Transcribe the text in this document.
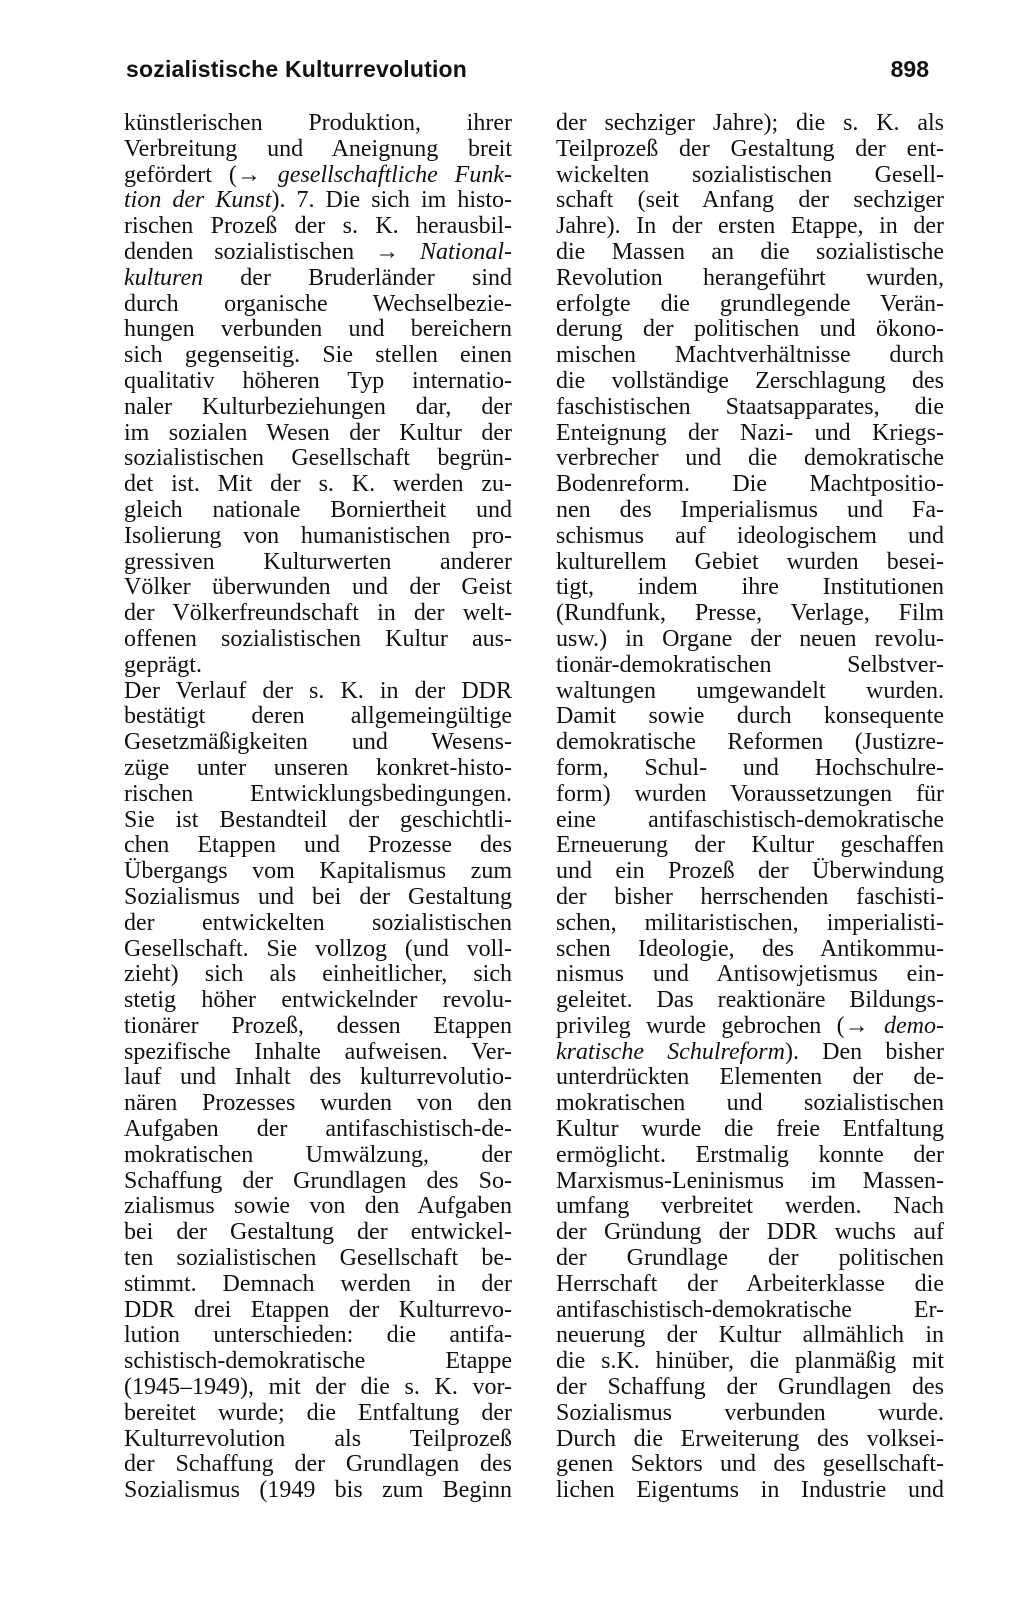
sozialistische Kulturrevolution	898
künstlerischen Produktion, ihrer
Verbreitung und Aneignung breit
gefördert (→ gesellschaftliche Funk-
tion der Kunst). 7. Die sich im histo-
rischen Prozeß der s. K. herausbil-
denden sozialistischen → National-
kulturen der Bruderländer sind
durch organische Wechselbezie-
hungen verbunden und bereichern
sich gegenseitig. Sie stellen einen
qualitativ höheren Typ internatio-
naler Kulturbeziehungen dar, der
im sozialen Wesen der Kultur der
sozialistischen Gesellschaft begrün-
det ist. Mit der s. K. werden zu-
gleich nationale Borniertheit und
Isolierung von humanistischen pro-
gressiven Kulturwerten anderer
Völker überwunden und der Geist
der Völkerfreundschaft in der welt-
offenen sozialistischen Kultur aus-
geprägt.
Der Verlauf der s. K. in der DDR
bestätigt deren allgemeingültige
Gesetzmäßigkeiten und Wesens-
züge unter unseren konkret-histo-
rischen Entwicklungsbedingungen.
Sie ist Bestandteil der geschichtli-
chen Etappen und Prozesse des
Übergangs vom Kapitalismus zum
Sozialismus und bei der Gestaltung
der entwickelten sozialistischen
Gesellschaft. Sie vollzog (und voll-
zieht) sich als einheitlicher, sich
stetig höher entwickelnder revolu-
tionärer Prozeß, dessen Etappen
spezifische Inhalte aufweisen. Ver-
lauf und Inhalt des kulturrevolutio-
nären Prozesses wurden von den
Aufgaben der antifaschistisch-de-
mokratischen Umwälzung, der
Schaffung der Grundlagen des So-
zialismus sowie von den Aufgaben
bei der Gestaltung der entwickel-
ten sozialistischen Gesellschaft be-
stimmt. Demnach werden in der
DDR drei Etappen der Kulturrevo-
lution unterschieden: die antifa-
schistisch-demokratische Etappe
(1945–1949), mit der die s. K. vor-
bereitet wurde; die Entfaltung der
Kulturrevolution als Teilprozeß
der Schaffung der Grundlagen des
Sozialismus (1949 bis zum Beginn
der sechziger Jahre); die s. K. als
Teilprozeß der Gestaltung der ent-
wickelten sozialistischen Gesell-
schaft (seit Anfang der sechziger
Jahre). In der ersten Etappe, in der
die Massen an die sozialistische
Revolution herangeführt wurden,
erfolgte die grundlegende Verän-
derung der politischen und ökono-
mischen Machtverhältnisse durch
die vollständige Zerschlagung des
faschistischen Staatsapparates, die
Enteignung der Nazi- und Kriegs-
verbrecher und die demokratische
Bodenreform. Die Machtpositio-
nen des Imperialismus und Fa-
schismus auf ideologischem und
kulturellem Gebiet wurden besei-
tigt, indem ihre Institutionen
(Rundfunk, Presse, Verlage, Film
usw.) in Organe der neuen revolu-
tionär-demokratischen Selbstver-
waltungen umgewandelt wurden.
Damit sowie durch konsequente
demokratische Reformen (Justizre-
form, Schul- und Hochschulre-
form) wurden Voraussetzungen für
eine antifaschistisch-demokratische
Erneuerung der Kultur geschaffen
und ein Prozeß der Überwindung
der bisher herrschenden faschisti-
schen, militaristischen, imperialisti-
schen Ideologie, des Antikommu-
nismus und Antisowjetismus ein-
geleitet. Das reaktionäre Bildungs-
privileg wurde gebrochen (→ demo-
kratische Schulreform). Den bisher
unterdrückten Elementen der de-
mokratischen und sozialistischen
Kultur wurde die freie Entfaltung
ermöglicht. Erstmalig konnte der
Marxismus-Leninismus im Massen-
umfang verbreitet werden. Nach
der Gründung der DDR wuchs auf
der Grundlage der politischen
Herrschaft der Arbeiterklasse die
antifaschistisch-demokratische Er-
neuerung der Kultur allmählich in
die s.K. hinüber, die planmäßig mit
der Schaffung der Grundlagen des
Sozialismus verbunden wurde.
Durch die Erweiterung des volksei-
genen Sektors und des gesellschaft-
lichen Eigentums in Industrie und
